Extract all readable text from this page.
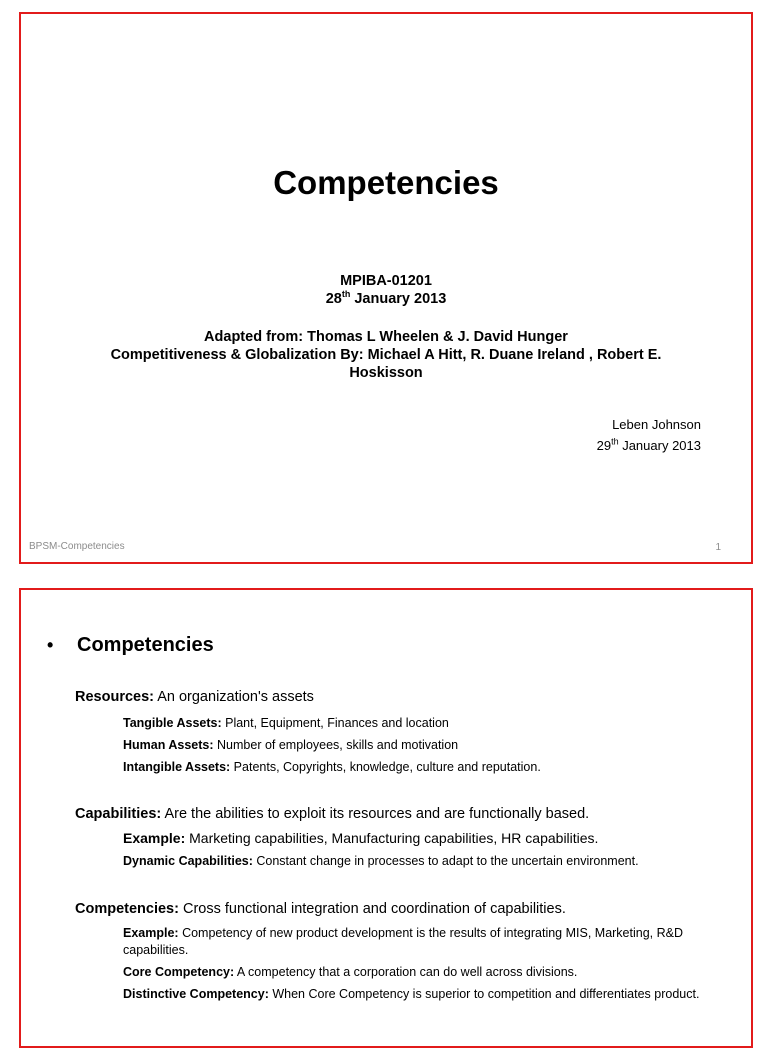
Competencies
MPIBA-01201
28th January 2013
Adapted from: Thomas L Wheelen & J. David Hunger
Competitiveness & Globalization By: Michael A Hitt, R. Duane Ireland , Robert E.
Hoskisson
Leben Johnson
29th January 2013
BPSM-Competencies	1
• Competencies
Resources: An organization's assets
Tangible Assets: Plant, Equipment, Finances and location
Human Assets: Number of employees, skills and motivation
Intangible Assets: Patents, Copyrights, knowledge, culture and reputation.
Capabilities: Are the abilities to exploit its resources and are functionally based.
Example: Marketing capabilities, Manufacturing capabilities, HR capabilities.
Dynamic Capabilities: Constant change in processes to adapt to the uncertain environment.
Competencies: Cross functional integration and coordination of capabilities.
Example: Competency of new product development is the results of integrating MIS, Marketing, R&D capabilities.
Core Competency: A competency that a corporation can do well across divisions.
Distinctive Competency: When Core Competency is superior to competition and differentiates product.
